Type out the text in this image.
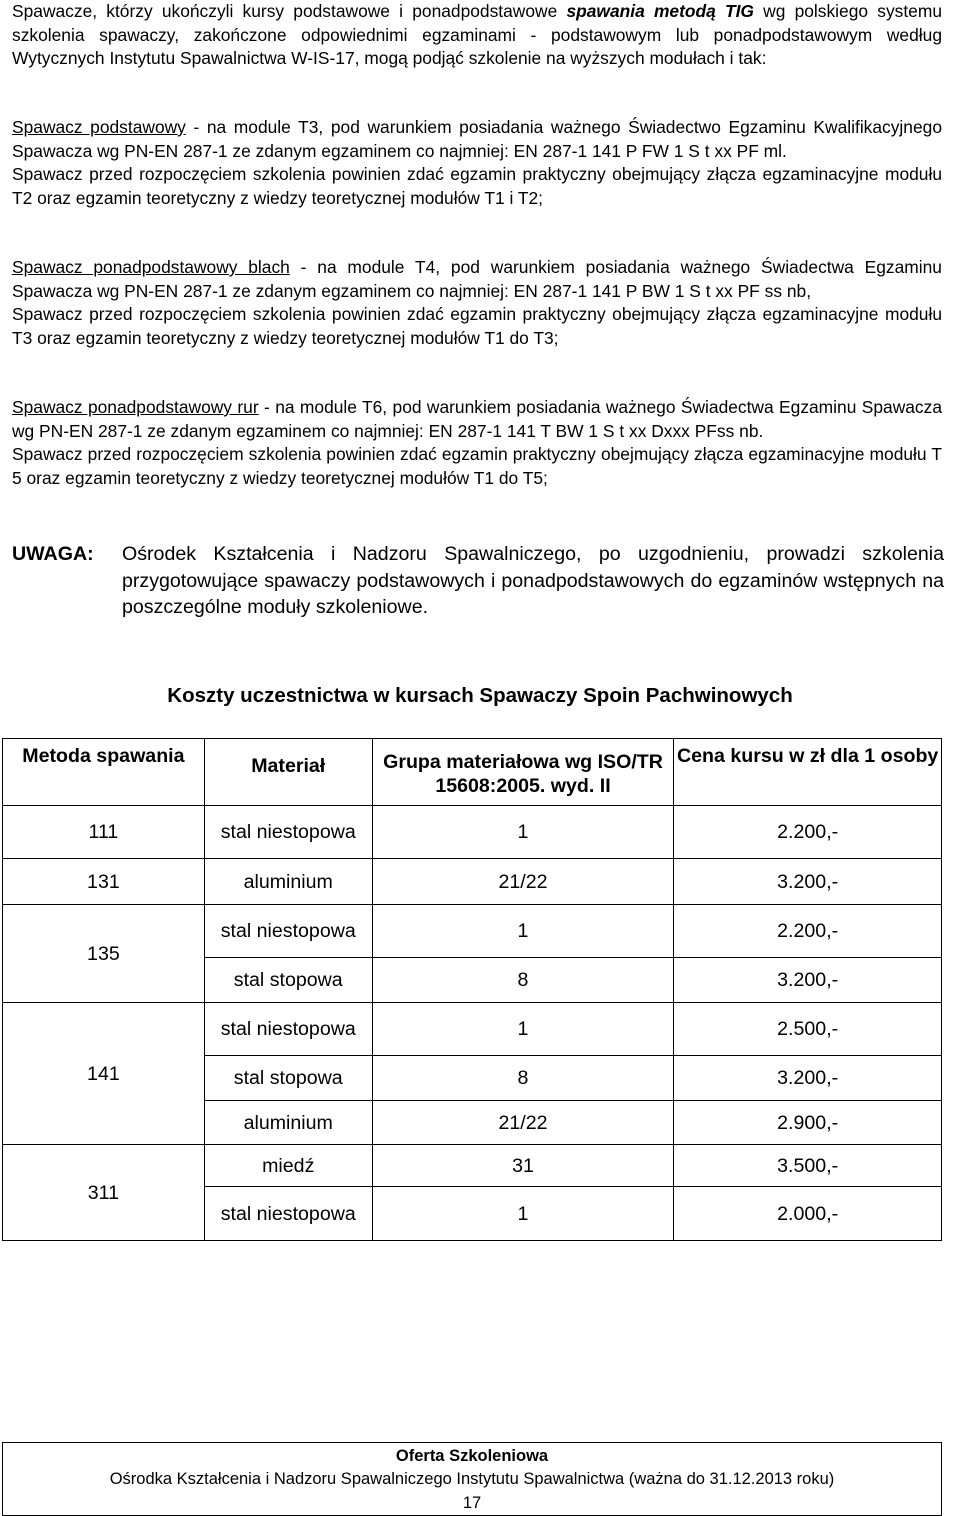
Spawacze, którzy ukończyli kursy podstawowe i ponadpodstawowe spawania metodą TIG wg polskiego systemu szkolenia spawaczy, zakończone odpowiednimi egzaminami - podstawowym lub ponadpodstawowym według Wytycznych Instytutu Spawalnictwa W-IS-17, mogą podjąć szkolenie na wyższych modułach i tak:
Spawacz podstawowy - na module T3, pod warunkiem posiadania ważnego Świadectwo Egzaminu Kwalifikacyjnego Spawacza wg PN-EN 287-1 ze zdanym egzaminem co najmniej: EN 287-1 141 P FW 1 S t xx PF ml.
Spawacz przed rozpoczęciem szkolenia powinien zdać egzamin praktyczny obejmujący złącza egzaminacyjne modułu T2 oraz egzamin teoretyczny z wiedzy teoretycznej modułów T1 i T2;
Spawacz ponadpodstawowy blach - na module T4, pod warunkiem posiadania ważnego Świadectwa Egzaminu Spawacza wg PN-EN 287-1 ze zdanym egzaminem co najmniej: EN 287-1 141 P BW 1 S t xx PF ss nb,
Spawacz przed rozpoczęciem szkolenia powinien zdać egzamin praktyczny obejmujący złącza egzaminacyjne modułu T3 oraz egzamin teoretyczny z wiedzy teoretycznej modułów T1 do T3;
Spawacz ponadpodstawowy rur - na module T6, pod warunkiem posiadania ważnego Świadectwa Egzaminu Spawacza wg PN-EN 287-1 ze zdanym egzaminem co najmniej: EN 287-1 141 T BW 1 S t xx Dxxx PFss nb.
Spawacz przed rozpoczęciem szkolenia powinien zdać egzamin praktyczny obejmujący złącza egzaminacyjne modułu T 5 oraz egzamin teoretyczny z wiedzy teoretycznej modułów T1 do T5;
UWAGA: Ośrodek Kształcenia i Nadzoru Spawalniczego, po uzgodnieniu, prowadzi szkolenia przygotowujące spawaczy podstawowych i ponadpodstawowych do egzaminów wstępnych na poszczególne moduły szkoleniowe.
Koszty uczestnictwa w kursach Spawaczy Spoin Pachwinowych
Metoda spawania	Materiał	Grupa materiałowa wg ISO/TR 15608:2005. wyd. II	Cena kursu w zł dla 1 osoby
111	stal niestopowa	1	2.200,-
131	aluminium	21/22	3.200,-
135	stal niestopowa	1	2.200,-
	stal stopowa	8	3.200,-
141	stal niestopowa	1	2.500,-
	stal stopowa	8	3.200,-
	aluminium	21/22	2.900,-
311	miedź	31	3.500,-
	stal niestopowa	1	2.000,-
Oferta Szkoleniowa
Ośrodka Kształcenia i Nadzoru Spawalniczego Instytutu Spawalnictwa (ważna do 31.12.2013 roku)
17
